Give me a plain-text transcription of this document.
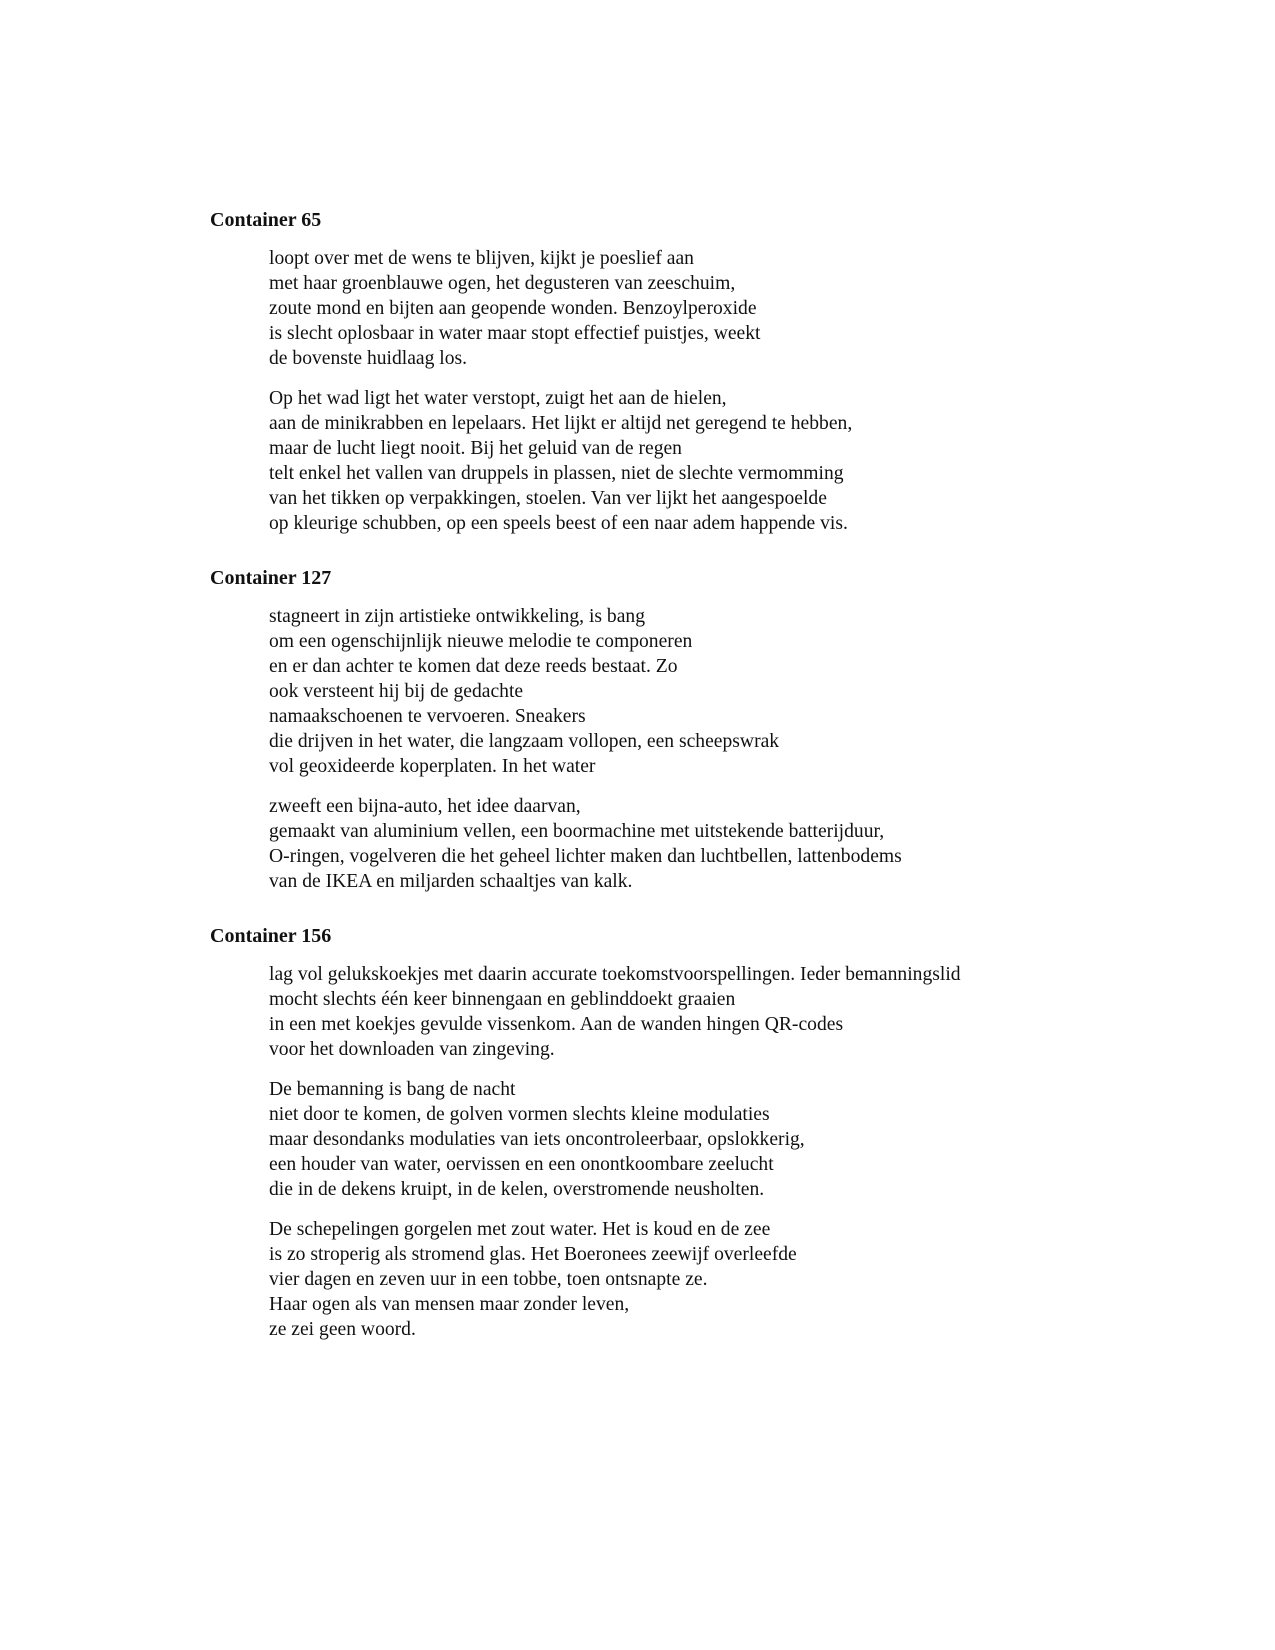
Container 65

loopt over met de wens te blijven, kijkt je poeslief aan
met haar groenblauwe ogen, het degusteren van zeeschuim,
zoute mond en bijten aan geopende wonden. Benzoylperoxide
is slecht oplosbaar in water maar stopt effectief puistjes, weekt
de bovenste huidlaag los.

Op het wad ligt het water verstopt, zuigt het aan de hielen,
aan de minikrabben en lepelaars. Het lijkt er altijd net geregend te hebben,
maar de lucht liegt nooit. Bij het geluid van de regen
telt enkel het vallen van druppels in plassen, niet de slechte vermomming
van het tikken op verpakkingen, stoelen. Van ver lijkt het aangespoelde
op kleurige schubben, op een speels beest of een naar adem happende vis.

Container 127

stagneert in zijn artistieke ontwikkeling, is bang
om een ogenschijnlijk nieuwe melodie te componeren
en er dan achter te komen dat deze reeds bestaat. Zo
ook versteent hij bij de gedachte
namaakschoenen te vervoeren. Sneakers
die drijven in het water, die langzaam vollopen, een scheepswrak
vol geoxideerde koperplaten. In het water

zweeft een bijna-auto, het idee daarvan,
gemaakt van aluminium vellen, een boormachine met uitstekende batterijduur,
O-ringen, vogelveren die het geheel lichter maken dan luchtbellen, lattenbodems
van de IKEA en miljarden schaaltjes van kalk.

Container 156

lag vol gelukskoekjes met daarin accurate toekomstvoorspellingen. Ieder bemanningslid
mocht slechts één keer binnengaan en geblinddoekt graaien
in een met koekjes gevulde vissenkom. Aan de wanden hingen QR-codes
voor het downloaden van zingeving.

De bemanning is bang de nacht
niet door te komen, de golven vormen slechts kleine modulaties
maar desondanks modulaties van iets oncontroleerbaar, opslokkerig,
een houder van water, oervissen en een onontkoombare zeelucht
die in de dekens kruipt, in de kelen, overstromende neusholten.

De schepelingen gorgelen met zout water. Het is koud en de zee
is zo stroperig als stromend glas. Het Boeronees zeewijf overleefde
vier dagen en zeven uur in een tobbe, toen ontsnapte ze.
Haar ogen als van mensen maar zonder leven,
ze zei geen woord.
